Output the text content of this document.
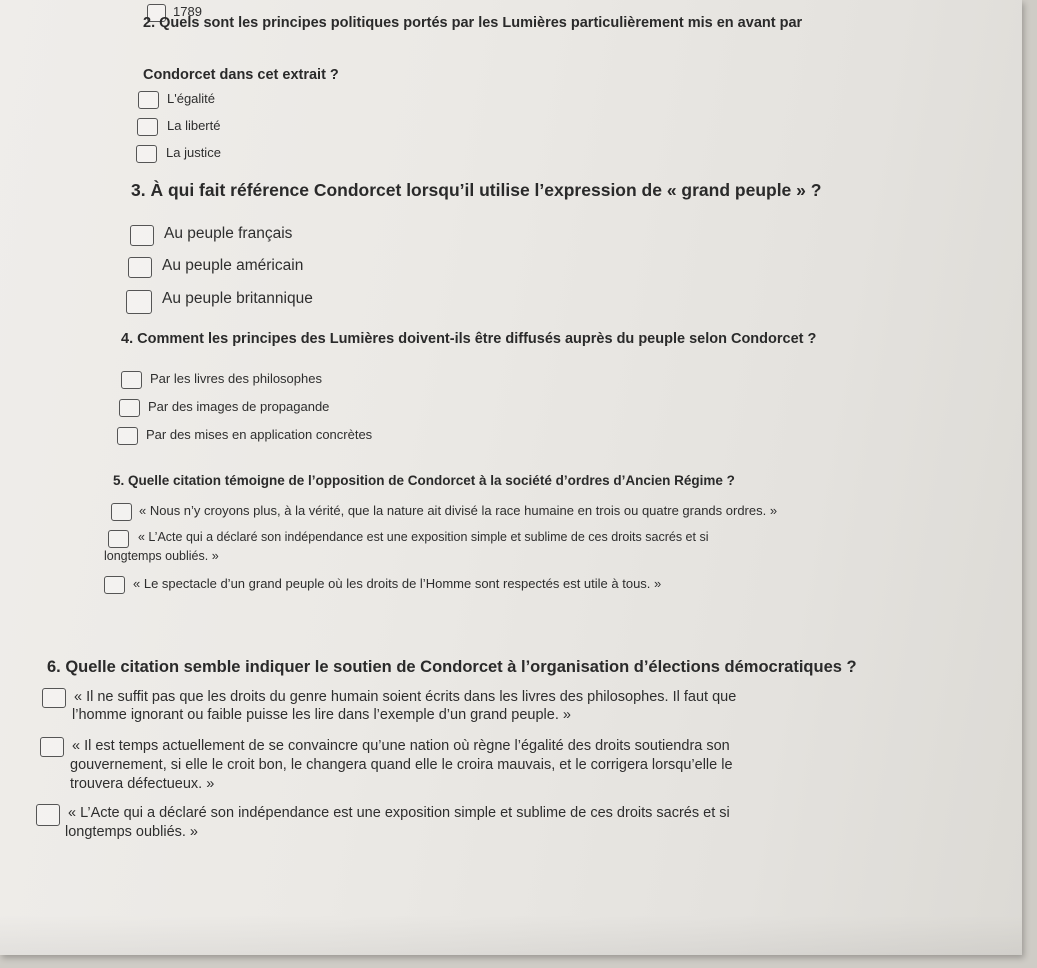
1789

2. Quels sont les principes politiques portés par les Lumières particulièrement mis en avant par

Condorcet dans cet extrait ?

L'égalité
La liberté
La justice

3. À qui fait référence Condorcet lorsqu’il utilise l’expression de « grand peuple » ?

Au peuple français
Au peuple américain
Au peuple britannique

4. Comment les principes des Lumières doivent-ils être diffusés auprès du peuple selon Condorcet ?

Par les livres des philosophes
Par des images de propagande
Par des mises en application concrètes

5. Quelle citation témoigne de l’opposition de Condorcet à la société d’ordres d’Ancien Régime ?

« Nous n’y croyons plus, à la vérité, que la nature ait divisé la race humaine en trois ou quatre grands ordres. »
« L’Acte qui a déclaré son indépendance est une exposition simple et sublime de ces droits sacrés et si

longtemps oubliés. »

« Le spectacle d’un grand peuple où les droits de l’Homme sont respectés est utile à tous. »

6. Quelle citation semble indiquer le soutien de Condorcet à l’organisation d’élections démocratiques ?

« Il ne suffit pas que les droits du genre humain soient écrits dans les livres des philosophes. Il faut que

l’homme ignorant ou faible puisse les lire dans l’exemple d’un grand peuple. »

« Il est temps actuellement de se convaincre qu’une nation où règne l’égalité des droits soutiendra son

gouvernement, si elle le croit bon, le changera quand elle le croira mauvais, et le corrigera lorsqu’elle le

trouvera défectueux. »

« L’Acte qui a déclaré son indépendance est une exposition simple et sublime de ces droits sacrés et si

longtemps oubliés. »
